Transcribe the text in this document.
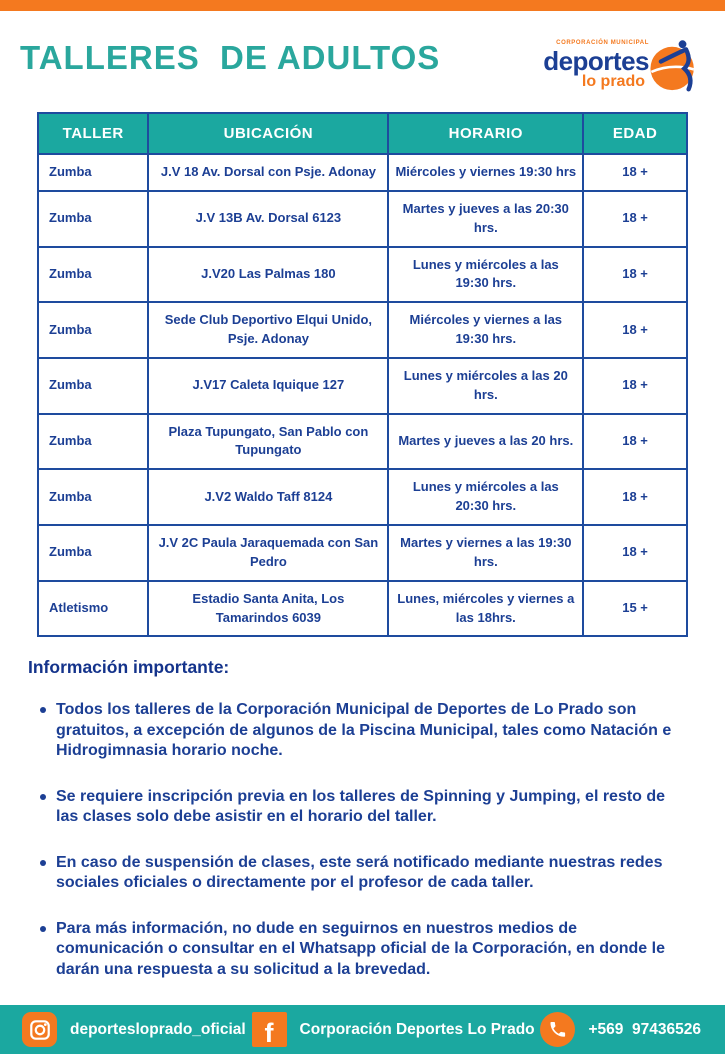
TALLERES  DE ADULTOS	CORPORACIÓN MUNICIPAL
deportes
lo prado
TALLER	UBICACIÓN	HORARIO	EDAD
Zumba	J.V 18 Av. Dorsal con Psje. Adonay	Miércoles y viernes 19:30 hrs	18 +
Zumba	J.V 13B Av. Dorsal 6123	Martes y jueves a las 20:30 hrs.	18 +
Zumba	J.V20 Las Palmas 180	Lunes y miércoles a las 19:30 hrs.	18 +
Zumba	Sede Club Deportivo Elqui Unido, Psje. Adonay	Miércoles y viernes a las 19:30 hrs.	18 +
Zumba	J.V17 Caleta Iquique 127	Lunes y miércoles a las 20 hrs.	18 +
Zumba	Plaza Tupungato, San Pablo con Tupungato	Martes y jueves a las 20 hrs.	18 +
Zumba	J.V2 Waldo Taff 8124	Lunes y miércoles a las 20:30 hrs.	18 +
Zumba	J.V 2C Paula Jaraquemada con San Pedro	Martes y viernes a las 19:30 hrs.	18 +
Atletismo	Estadio Santa Anita, Los Tamarindos 6039	Lunes, miércoles y viernes a las 18hrs.	15 +
Información importante:
Todos los talleres de la Corporación Municipal de Deportes de Lo Prado son gratuitos, a excepción de algunos de la Piscina Municipal, tales como Natación e Hidrogimnasia horario noche.
Se requiere inscripción previa en los talleres de Spinning y Jumping, el resto de las clases solo debe asistir en el horario del taller.
En caso de suspensión de clases, este será notificado mediante nuestras redes sociales oficiales o directamente por el profesor de cada taller.
Para más información, no dude en seguirnos en nuestros medios de comunicación o consultar en el Whatsapp oficial de la Corporación, en donde le darán una respuesta a su solicitud a la brevedad.
deporteslopradо_oficial f Corporación Deportes Lo Prado	+569  97436526
